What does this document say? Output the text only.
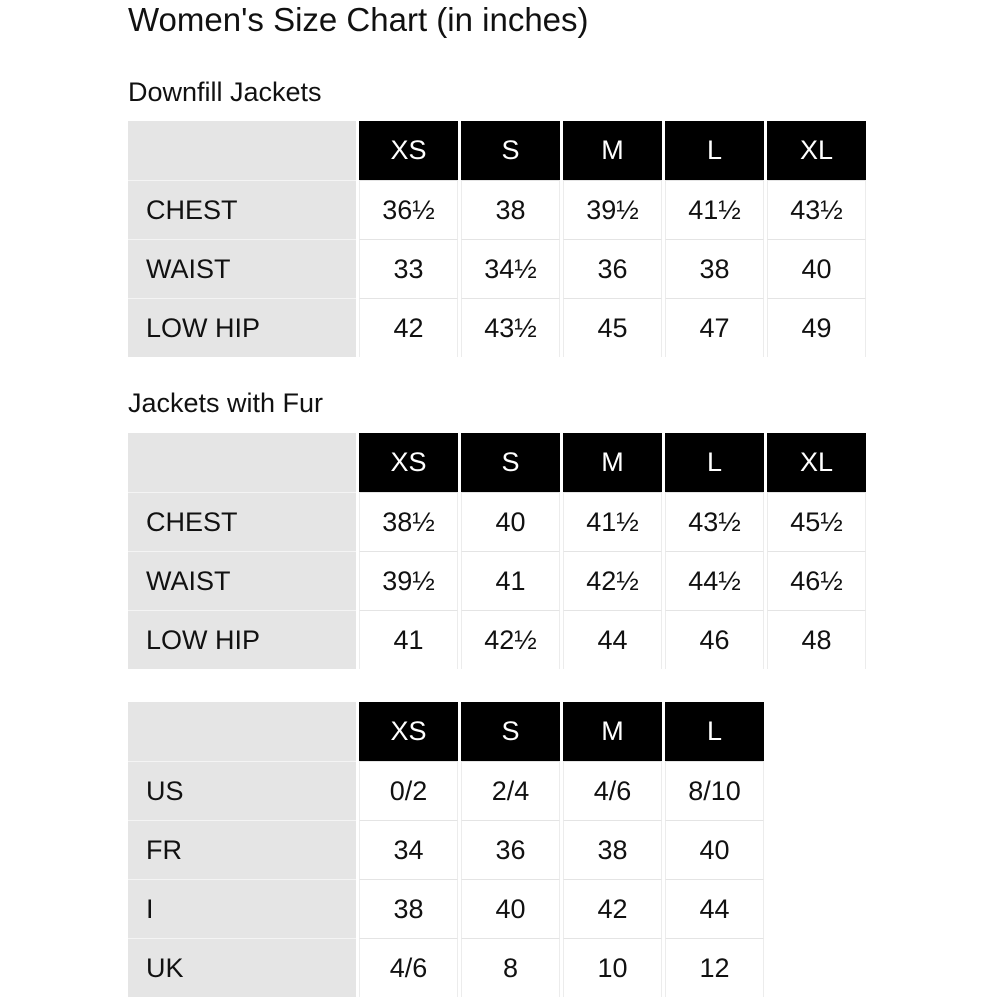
Women's Size Chart (in inches)
Downfill Jackets
	XS	S	M	L	XL
CHEST	36½	38	39½	41½	43½
WAIST	33	34½	36	38	40
LOW HIP	42	43½	45	47	49
Jackets with Fur
	XS	S	M	L	XL
CHEST	38½	40	41½	43½	45½
WAIST	39½	41	42½	44½	46½
LOW HIP	41	42½	44	46	48
	XS	S	M	L
US	0/2	2/4	4/6	8/10
FR	34	36	38	40
I	38	40	42	44
UK	4/6	8	10	12
